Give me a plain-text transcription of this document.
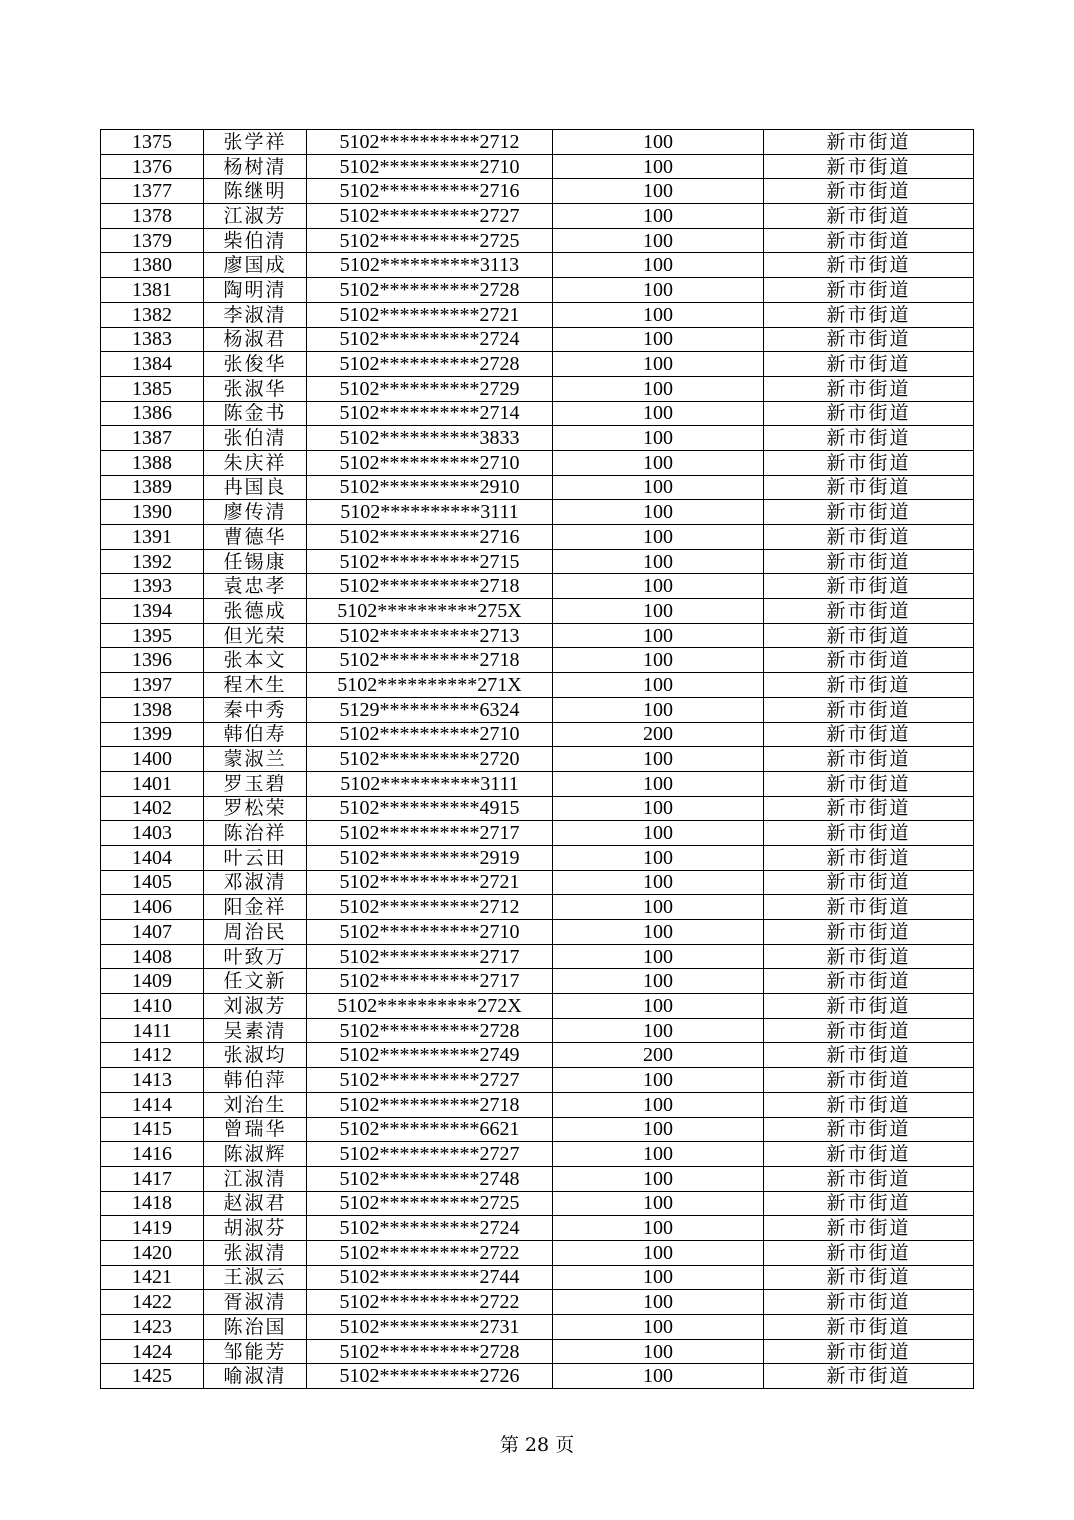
1375	张学祥	5102**********2712	100	新市街道
1376	杨树清	5102**********2710	100	新市街道
1377	陈继明	5102**********2716	100	新市街道
1378	江淑芳	5102**********2727	100	新市街道
1379	柴伯清	5102**********2725	100	新市街道
1380	廖国成	5102**********3113	100	新市街道
1381	陶明清	5102**********2728	100	新市街道
1382	李淑清	5102**********2721	100	新市街道
1383	杨淑君	5102**********2724	100	新市街道
1384	张俊华	5102**********2728	100	新市街道
1385	张淑华	5102**********2729	100	新市街道
1386	陈金书	5102**********2714	100	新市街道
1387	张伯清	5102**********3833	100	新市街道
1388	朱庆祥	5102**********2710	100	新市街道
1389	冉国良	5102**********2910	100	新市街道
1390	廖传清	5102**********3111	100	新市街道
1391	曹德华	5102**********2716	100	新市街道
1392	任锡康	5102**********2715	100	新市街道
1393	袁忠孝	5102**********2718	100	新市街道
1394	张德成	5102**********275X	100	新市街道
1395	但光荣	5102**********2713	100	新市街道
1396	张本文	5102**********2718	100	新市街道
1397	程木生	5102**********271X	100	新市街道
1398	秦中秀	5129**********6324	100	新市街道
1399	韩伯寿	5102**********2710	200	新市街道
1400	蒙淑兰	5102**********2720	100	新市街道
1401	罗玉碧	5102**********3111	100	新市街道
1402	罗松荣	5102**********4915	100	新市街道
1403	陈治祥	5102**********2717	100	新市街道
1404	叶云田	5102**********2919	100	新市街道
1405	邓淑清	5102**********2721	100	新市街道
1406	阳金祥	5102**********2712	100	新市街道
1407	周治民	5102**********2710	100	新市街道
1408	叶致万	5102**********2717	100	新市街道
1409	任文新	5102**********2717	100	新市街道
1410	刘淑芳	5102**********272X	100	新市街道
1411	吴素清	5102**********2728	100	新市街道
1412	张淑均	5102**********2749	200	新市街道
1413	韩伯萍	5102**********2727	100	新市街道
1414	刘治生	5102**********2718	100	新市街道
1415	曾瑞华	5102**********6621	100	新市街道
1416	陈淑辉	5102**********2727	100	新市街道
1417	江淑清	5102**********2748	100	新市街道
1418	赵淑君	5102**********2725	100	新市街道
1419	胡淑芬	5102**********2724	100	新市街道
1420	张淑清	5102**********2722	100	新市街道
1421	王淑云	5102**********2744	100	新市街道
1422	胥淑清	5102**********2722	100	新市街道
1423	陈治国	5102**********2731	100	新市街道
1424	邹能芳	5102**********2728	100	新市街道
1425	喻淑清	5102**********2726	100	新市街道
第 28 页
